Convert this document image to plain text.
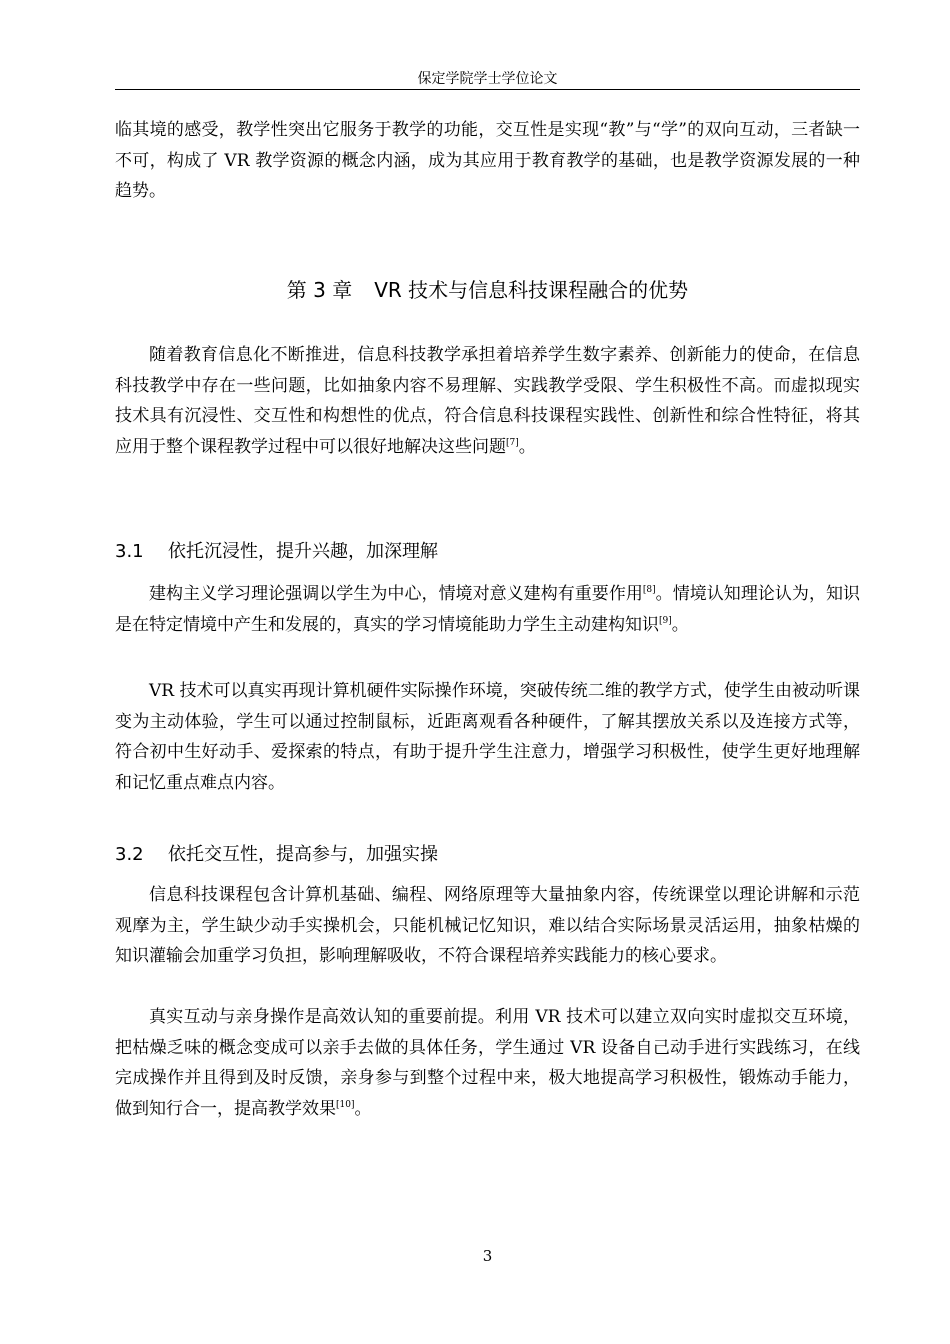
保定学院学士学位论文

临其境的感受，教学性突出它服务于教学的功能，交互性是实现“教”与“学”的双向互动，三者缺一不可，构成了 VR 教学资源的概念内涵，成为其应用于教育教学的基础，也是教学资源发展的一种趋势。

第 3 章 VR 技术与信息科技课程融合的优势

随着教育信息化不断推进，信息科技教学承担着培养学生数字素养、创新能力的使命，在信息科技教学中存在一些问题，比如抽象内容不易理解、实践教学受限、学生积极性不高。而虚拟现实技术具有沉浸性、交互性和构想性的优点，符合信息科技课程实践性、创新性和综合性特征，将其应用于整个课程教学过程中可以很好地解决这些问题[7]。

3.1 依托沉浸性，提升兴趣，加深理解

建构主义学习理论强调以学生为中心，情境对意义建构有重要作用[8]。情境认知理论认为，知识是在特定情境中产生和发展的，真实的学习情境能助力学生主动建构知识[9]。

VR 技术可以真实再现计算机硬件实际操作环境，突破传统二维的教学方式，使学生由被动听课变为主动体验，学生可以通过控制鼠标，近距离观看各种硬件，了解其摆放关系以及连接方式等，符合初中生好动手、爱探索的特点，有助于提升学生注意力，增强学习积极性，使学生更好地理解和记忆重点难点内容。

3.2 依托交互性，提高参与，加强实操

信息科技课程包含计算机基础、编程、网络原理等大量抽象内容，传统课堂以理论讲解和示范观摩为主，学生缺少动手实操机会，只能机械记忆知识，难以结合实际场景灵活运用，抽象枯燥的知识灌输会加重学习负担，影响理解吸收，不符合课程培养实践能力的核心要求。

真实互动与亲身操作是高效认知的重要前提。利用 VR 技术可以建立双向实时虚拟交互环境，把枯燥乏味的概念变成可以亲手去做的具体任务，学生通过 VR 设备自己动手进行实践练习，在线完成操作并且得到及时反馈，亲身参与到整个过程中来，极大地提高学习积极性，锻炼动手能力，做到知行合一，提高教学效果[10]。

3
